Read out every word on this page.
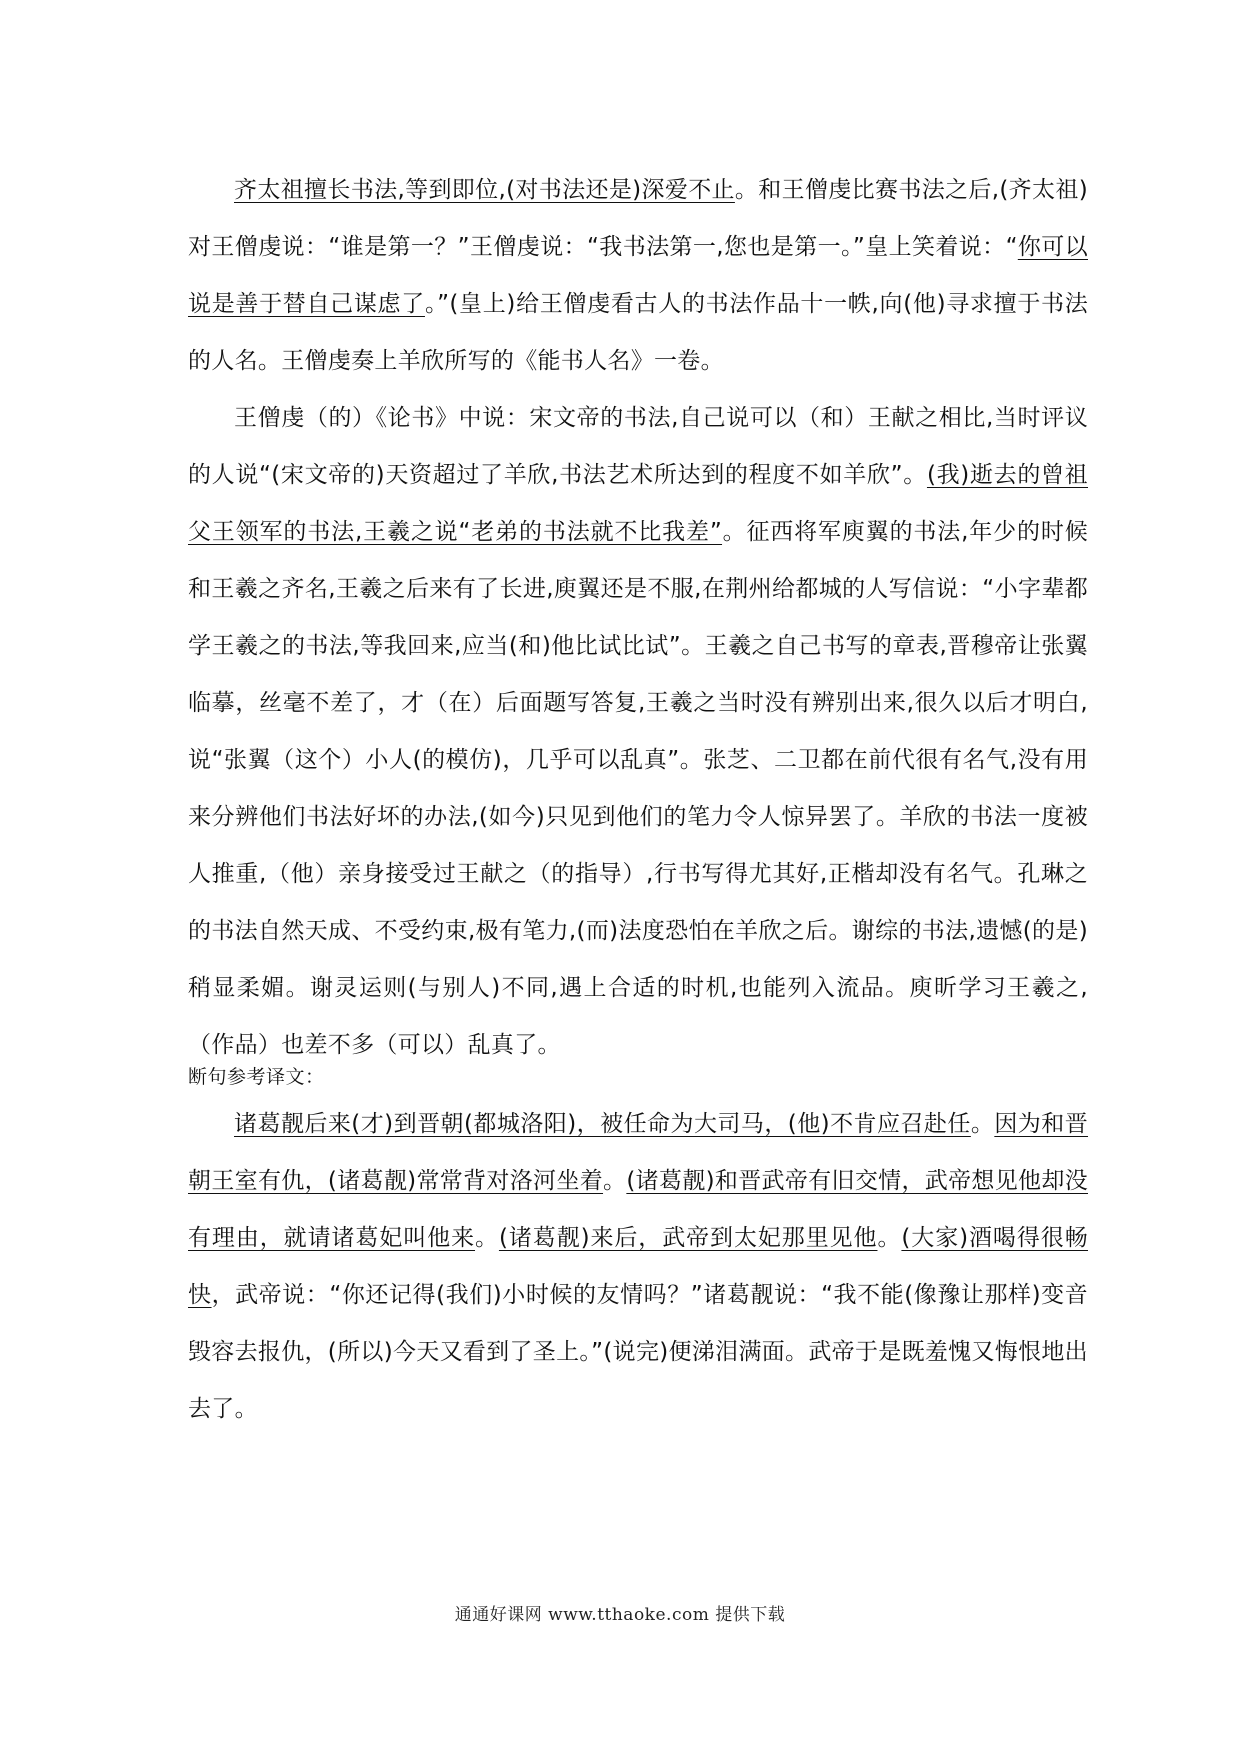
齐太祖擅长书法,等到即位,(对书法还是)深爱不止。和王僧虔比赛书法之后,(齐太祖)对王僧虔说：“谁是第一？”王僧虔说：“我书法第一,您也是第一。”皇上笑着说：“你可以说是善于替自己谋虑了。”(皇上)给王僧虔看古人的书法作品十一帙,向(他)寻求擅于书法的人名。王僧虔奏上羊欣所写的《能书人名》一卷。

王僧虔（的）《论书》中说：宋文帝的书法,自己说可以（和）王献之相比,当时评议的人说“(宋文帝的)天资超过了羊欣,书法艺术所达到的程度不如羊欣”。(我)逝去的曾祖父王领军的书法,王羲之说“老弟的书法就不比我差”。征西将军庾翼的书法,年少的时候和王羲之齐名,王羲之后来有了长进,庾翼还是不服,在荆州给都城的人写信说：“小字辈都学王羲之的书法,等我回来,应当(和)他比试比试”。王羲之自己书写的章表,晋穆帝让张翼临摹，丝毫不差了，才（在）后面题写答复,王羲之当时没有辨别出来,很久以后才明白,说“张翼（这个）小人(的模仿)，几乎可以乱真”。张芝、二卫都在前代很有名气,没有用来分辨他们书法好坏的办法,(如今)只见到他们的笔力令人惊异罢了。羊欣的书法一度被人推重,（他）亲身接受过王献之（的指导）,行书写得尤其好,正楷却没有名气。孔琳之的书法自然天成、不受约束,极有笔力,(而)法度恐怕在羊欣之后。谢综的书法,遗憾(的是)稍显柔媚。谢灵运则(与别人)不同,遇上合适的时机,也能列入流品。庾昕学习王羲之,（作品）也差不多（可以）乱真了。

断句参考译文：

诸葛靓后来(才)到晋朝(都城洛阳)，被任命为大司马，(他)不肯应召赴任。因为和晋朝王室有仇，(诸葛靓)常常背对洛河坐着。(诸葛靓)和晋武帝有旧交情，武帝想见他却没有理由，就请诸葛妃叫他来。(诸葛靓)来后，武帝到太妃那里见他。(大家)酒喝得很畅快，武帝说：“你还记得(我们)小时候的友情吗？”诸葛靓说：“我不能(像豫让那样)变音毁容去报仇，(所以)今天又看到了圣上。”(说完)便涕泪满面。武帝于是既羞愧又悔恨地出去了。

通通好课网 www.tthaoke.com 提供下载
